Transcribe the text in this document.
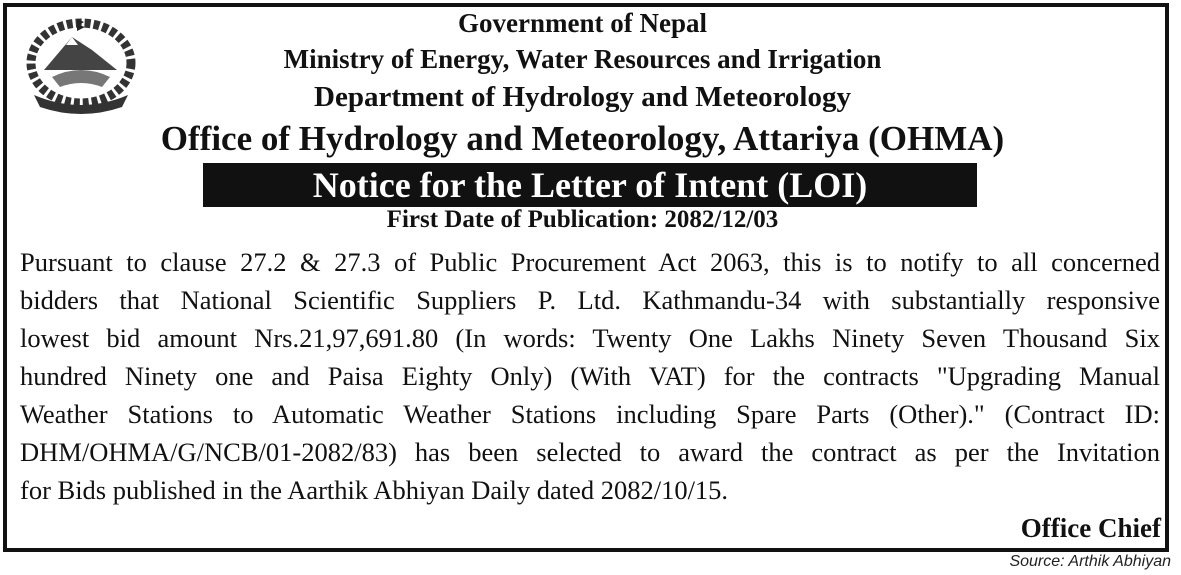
Government of Nepal
Ministry of Energy, Water Resources and Irrigation
Department of Hydrology and Meteorology
Office of Hydrology and Meteorology, Attariya (OHMA)
Notice for the Letter of Intent (LOI)
First Date of Publication: 2082/12/03
Pursuant to clause 27.2 & 27.3 of Public Procurement Act 2063, this is to notify to all concerned
bidders that National Scientific Suppliers P. Ltd. Kathmandu-34 with substantially responsive
lowest bid amount Nrs.21,97,691.80 (In words: Twenty One Lakhs Ninety Seven Thousand Six
hundred Ninety one and Paisa Eighty Only) (With VAT) for the contracts "Upgrading Manual
Weather Stations to Automatic Weather Stations including Spare Parts (Other)." (Contract ID:
DHM/OHMA/G/NCB/01-2082/83) has been selected to award the contract as per the Invitation
for Bids published in the Aarthik Abhiyan Daily dated 2082/10/15.
Office Chief
Source: Arthik Abhiyan
